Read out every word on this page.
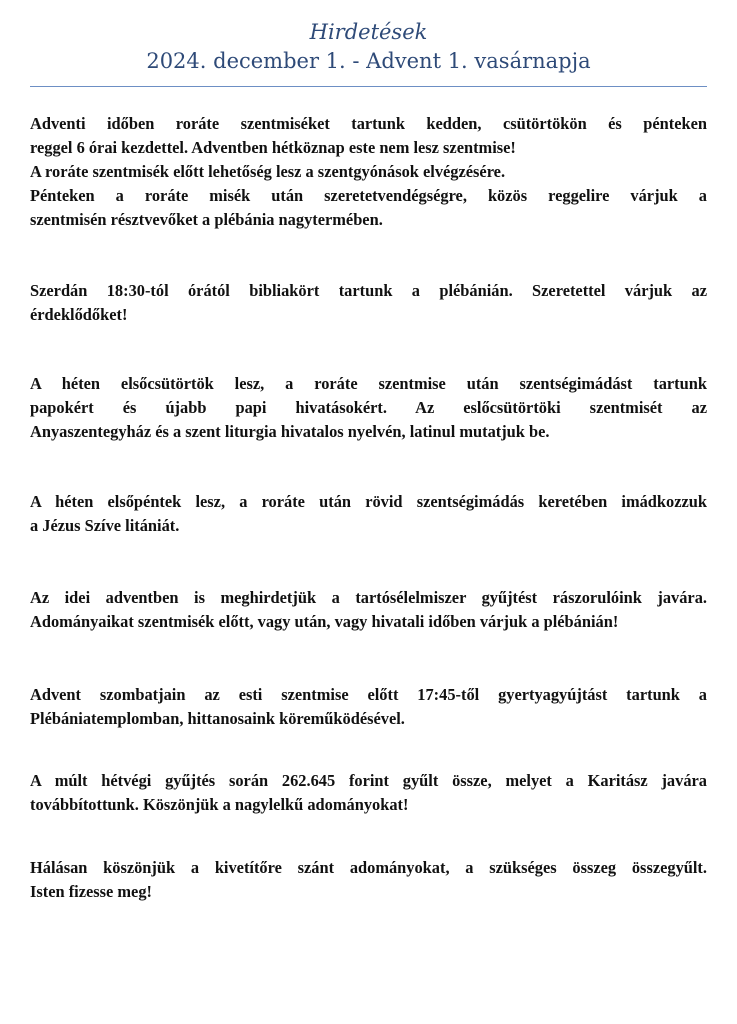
Hirdetések
2024. december 1. - Advent 1. vasárnapja

Adventi időben roráte szentmiséket tartunk kedden, csütörtökön és pénteken

reggel 6 órai kezdettel. Adventben hétköznap este nem lesz szentmise!

A roráte szentmisék előtt lehetőség lesz a szentgyónások elvégzésére.

Pénteken a roráte misék után szeretetvendégségre, közös reggelire várjuk a

szentmisén résztvevőket a plébánia nagytermében.

Szerdán 18:30-tól órától bibliakört tartunk a plébánián. Szeretettel várjuk az

érdeklődőket!

A héten elsőcsütörtök lesz, a roráte szentmise után szentségimádást tartunk

papokért és újabb papi hivatásokért. Az eslőcsütörtöki szentmisét az

Anyaszentegyház és a szent liturgia hivatalos nyelvén, latinul mutatjuk be.

A héten elsőpéntek lesz, a roráte után rövid szentségimádás keretében imádkozzuk

a Jézus Szíve litániát.

Az idei adventben is meghirdetjük a tartósélelmiszer gyűjtést rászorulóink javára.

Adományaikat szentmisék előtt, vagy után, vagy hivatali időben várjuk a plébánián!

Advent szombatjain az esti szentmise előtt 17:45-től gyertyagyújtást tartunk a

Plébániatemplomban, hittanosaink köreműködésével.

A múlt hétvégi gyűjtés során 262.645 forint gyűlt össze, melyet a Karitász javára

továbbítottunk. Köszönjük a nagylelkű adományokat!

Hálásan köszönjük a kivetítőre szánt adományokat, a szükséges összeg összegyűlt.

Isten fizesse meg!
